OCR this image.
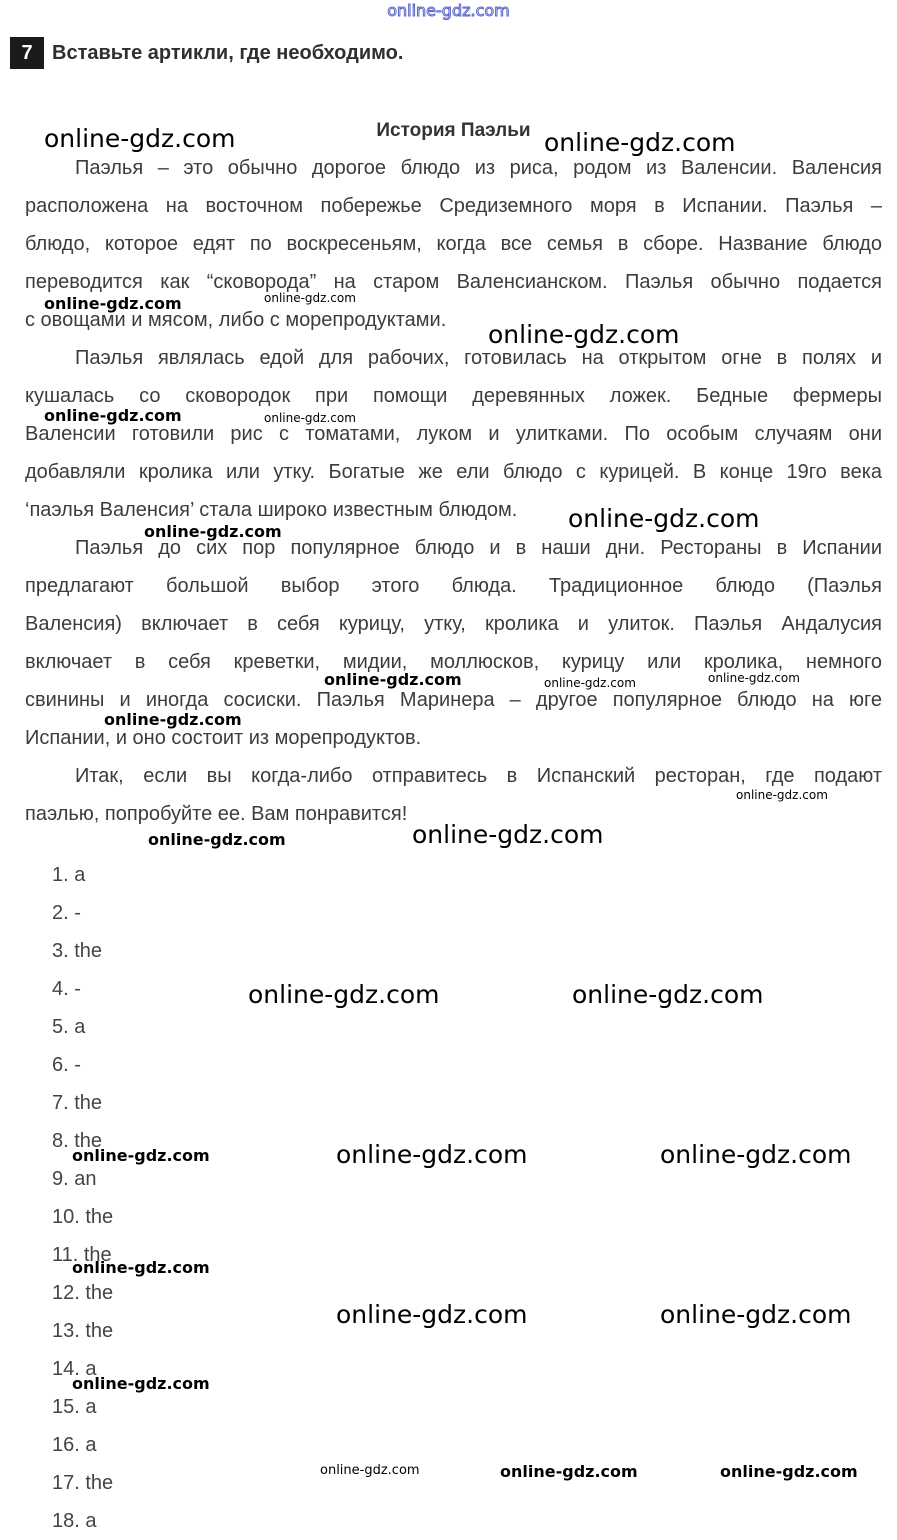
online-gdz.com
7 Вставьте артикли, где необходимо.
История Паэльи
Паэлья – это обычно дорогое блюдо из риса, родом из Валенсии. Валенсия
расположена на восточном побережье Средиземного моря в Испании. Паэлья –
блюдо, которое едят по воскресеньям, когда все семья в сборе. Название блюдо
переводится как “сковорода” на старом Валенсианском. Паэлья обычно подается
с овощами и мясом, либо с морепродуктами.
Паэлья являлась едой для рабочих, готовилась на открытом огне в полях и
кушалась со сковородок при помощи деревянных ложек. Бедные фермеры
Валенсии готовили рис с томатами, луком и улитками. По особым случаям они
добавляли кролика или утку. Богатые же ели блюдо с курицей. В конце 19го века
‘паэлья Валенсия’ стала широко известным блюдом.
Паэлья до сих пор популярное блюдо и в наши дни. Рестораны в Испании
предлагают большой выбор этого блюда. Традиционное блюдо (Паэлья
Валенсия) включает в себя курицу, утку, кролика и улиток. Паэлья Андалусия
включает в себя креветки, мидии, моллюсков, курицу или кролика, немного
свинины и иногда сосиски. Паэлья Маринера – другое популярное блюдо на юге
Испании, и оно состоит из морепродуктов.
Итак, если вы когда-либо отправитесь в Испанский ресторан, где подают
паэлью, попробуйте ее. Вам понравится!
1. a
2. -
3. the
4. -
5. a
6. -
7. the
8. the
9. an
10. the
11. the
12. the
13. the
14. a
15. a
16. a
17. the
18. a
online-gdz.com	online-gdz.com
online-gdz.com	online-gdz.com
online-gdz.com
online-gdz.com	online-gdz.com
online-gdz.com
online-gdz.com
online-gdz.com	online-gdz.com	online-gdz.com
online-gdz.com
online-gdz.com
online-gdz.com
online-gdz.com
online-gdz.com	online-gdz.com
online-gdz.com	online-gdz.com	online-gdz.com
online-gdz.com
online-gdz.com	online-gdz.com
online-gdz.com
online-gdz.com	online-gdz.com	online-gdz.com
